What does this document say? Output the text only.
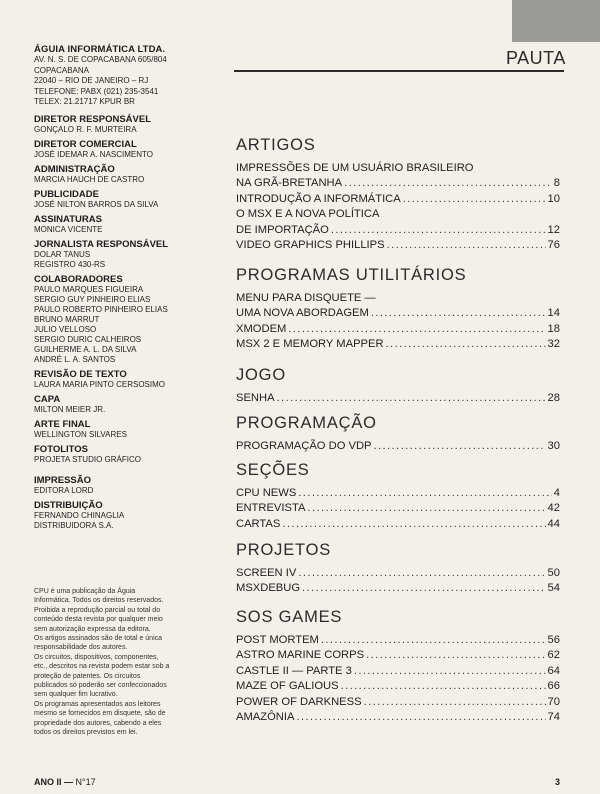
ÁGUIA INFORMÁTICA LTDA.
AV. N. S. DE COPACABANA 605/804
COPACABANA
22040 – RIO DE JANEIRO – RJ
TELEFONE: PABX (021) 235-3541
TELEX: 21.21717 KPUR BR
DIRETOR RESPONSÁVEL
GONÇALO R. F. MURTEIRA
DIRETOR COMERCIAL
JOSÉ IDEMAR A. NASCIMENTO
ADMINISTRAÇÃO
MARCIA HAUCH DE CASTRO
PUBLICIDADE
JOSÉ NILTON BARROS DA SILVA
ASSINATURAS
MONICA VICENTE
JORNALISTA RESPONSÁVEL
DOLAR TANUS
REGISTRO 430-RS
COLABORADORES
PAULO MARQUES FIGUEIRA
SERGIO GUY PINHEIRO ELIAS
PAULO ROBERTO PINHEIRO ELIAS
BRUNO MARRUT
JULIO VELLOSO
SERGIO DURIC CALHEIROS
GUILHERME A. L. DA SILVA
ANDRÉ L. A. SANTOS
REVISÃO DE TEXTO
LAURA MARIA PINTO CERSOSIMO
CAPA
MILTON MEIER JR.
ARTE FINAL
WELLINGTON SILVARES
FOTOLITOS
PROJETA STUDIO GRÁFICO
IMPRESSÃO
EDITORA LORD
DISTRIBUIÇÃO
FERNANDO CHINAGLIA
DISTRIBUIDORA S.A.
CPU é uma publicação da Águia
Informática. Todos os direitos reservados.
Proibida a reprodução parcial ou total do
conteúdo desta revista por qualquer meio
sem autorização expressa da editora.
Os artigos assinados são de total e única
responsabilidade dos autores.
Os circuitos, dispositivos, componentes,
etc., descritos na revista podem estar sob a
proteção de patentes. Os circuitos
publicados só poderão ser confeccionados
sem qualquer fim lucrativo.
Os programas apresentados aos leitores
mesmo se fornecidos em disquete, são de
propriedade dos autores, cabendo a eles
todos os direitos previstos em lei.
ANO II — N°17	3
PAUTA
ARTIGOS
IMPRESSÕES DE UM USUÁRIO BRASILEIRO
NA GRÃ-BRETANHA .....	8
INTRODUÇÃO A INFORMÁTICA .....	10
O MSX E A NOVA POLÍTICA
DE IMPORTAÇÃO .....	12
VIDEO GRAPHICS PHILLIPS .....	76
PROGRAMAS UTILITÁRIOS
MENU PARA DISQUETE —
UMA NOVA ABORDAGEM .....	14
XMODEM .....	18
MSX 2 E MEMORY MAPPER .....	32
JOGO
SENHA .....	28
PROGRAMAÇÃO
PROGRAMAÇÃO DO VDP .....	30
SEÇÕES
CPU NEWS .....	4
ENTREVISTA .....	42
CARTAS .....	44
PROJETOS
SCREEN IV .....	50
MSXDEBUG .....	54
SOS GAMES
POST MORTEM .....	56
ASTRO MARINE CORPS .....	62
CASTLE II — PARTE 3 .....	64
MAZE OF GALIOUS .....	66
POWER OF DARKNESS .....	70
AMAZÔNIA .....	74
